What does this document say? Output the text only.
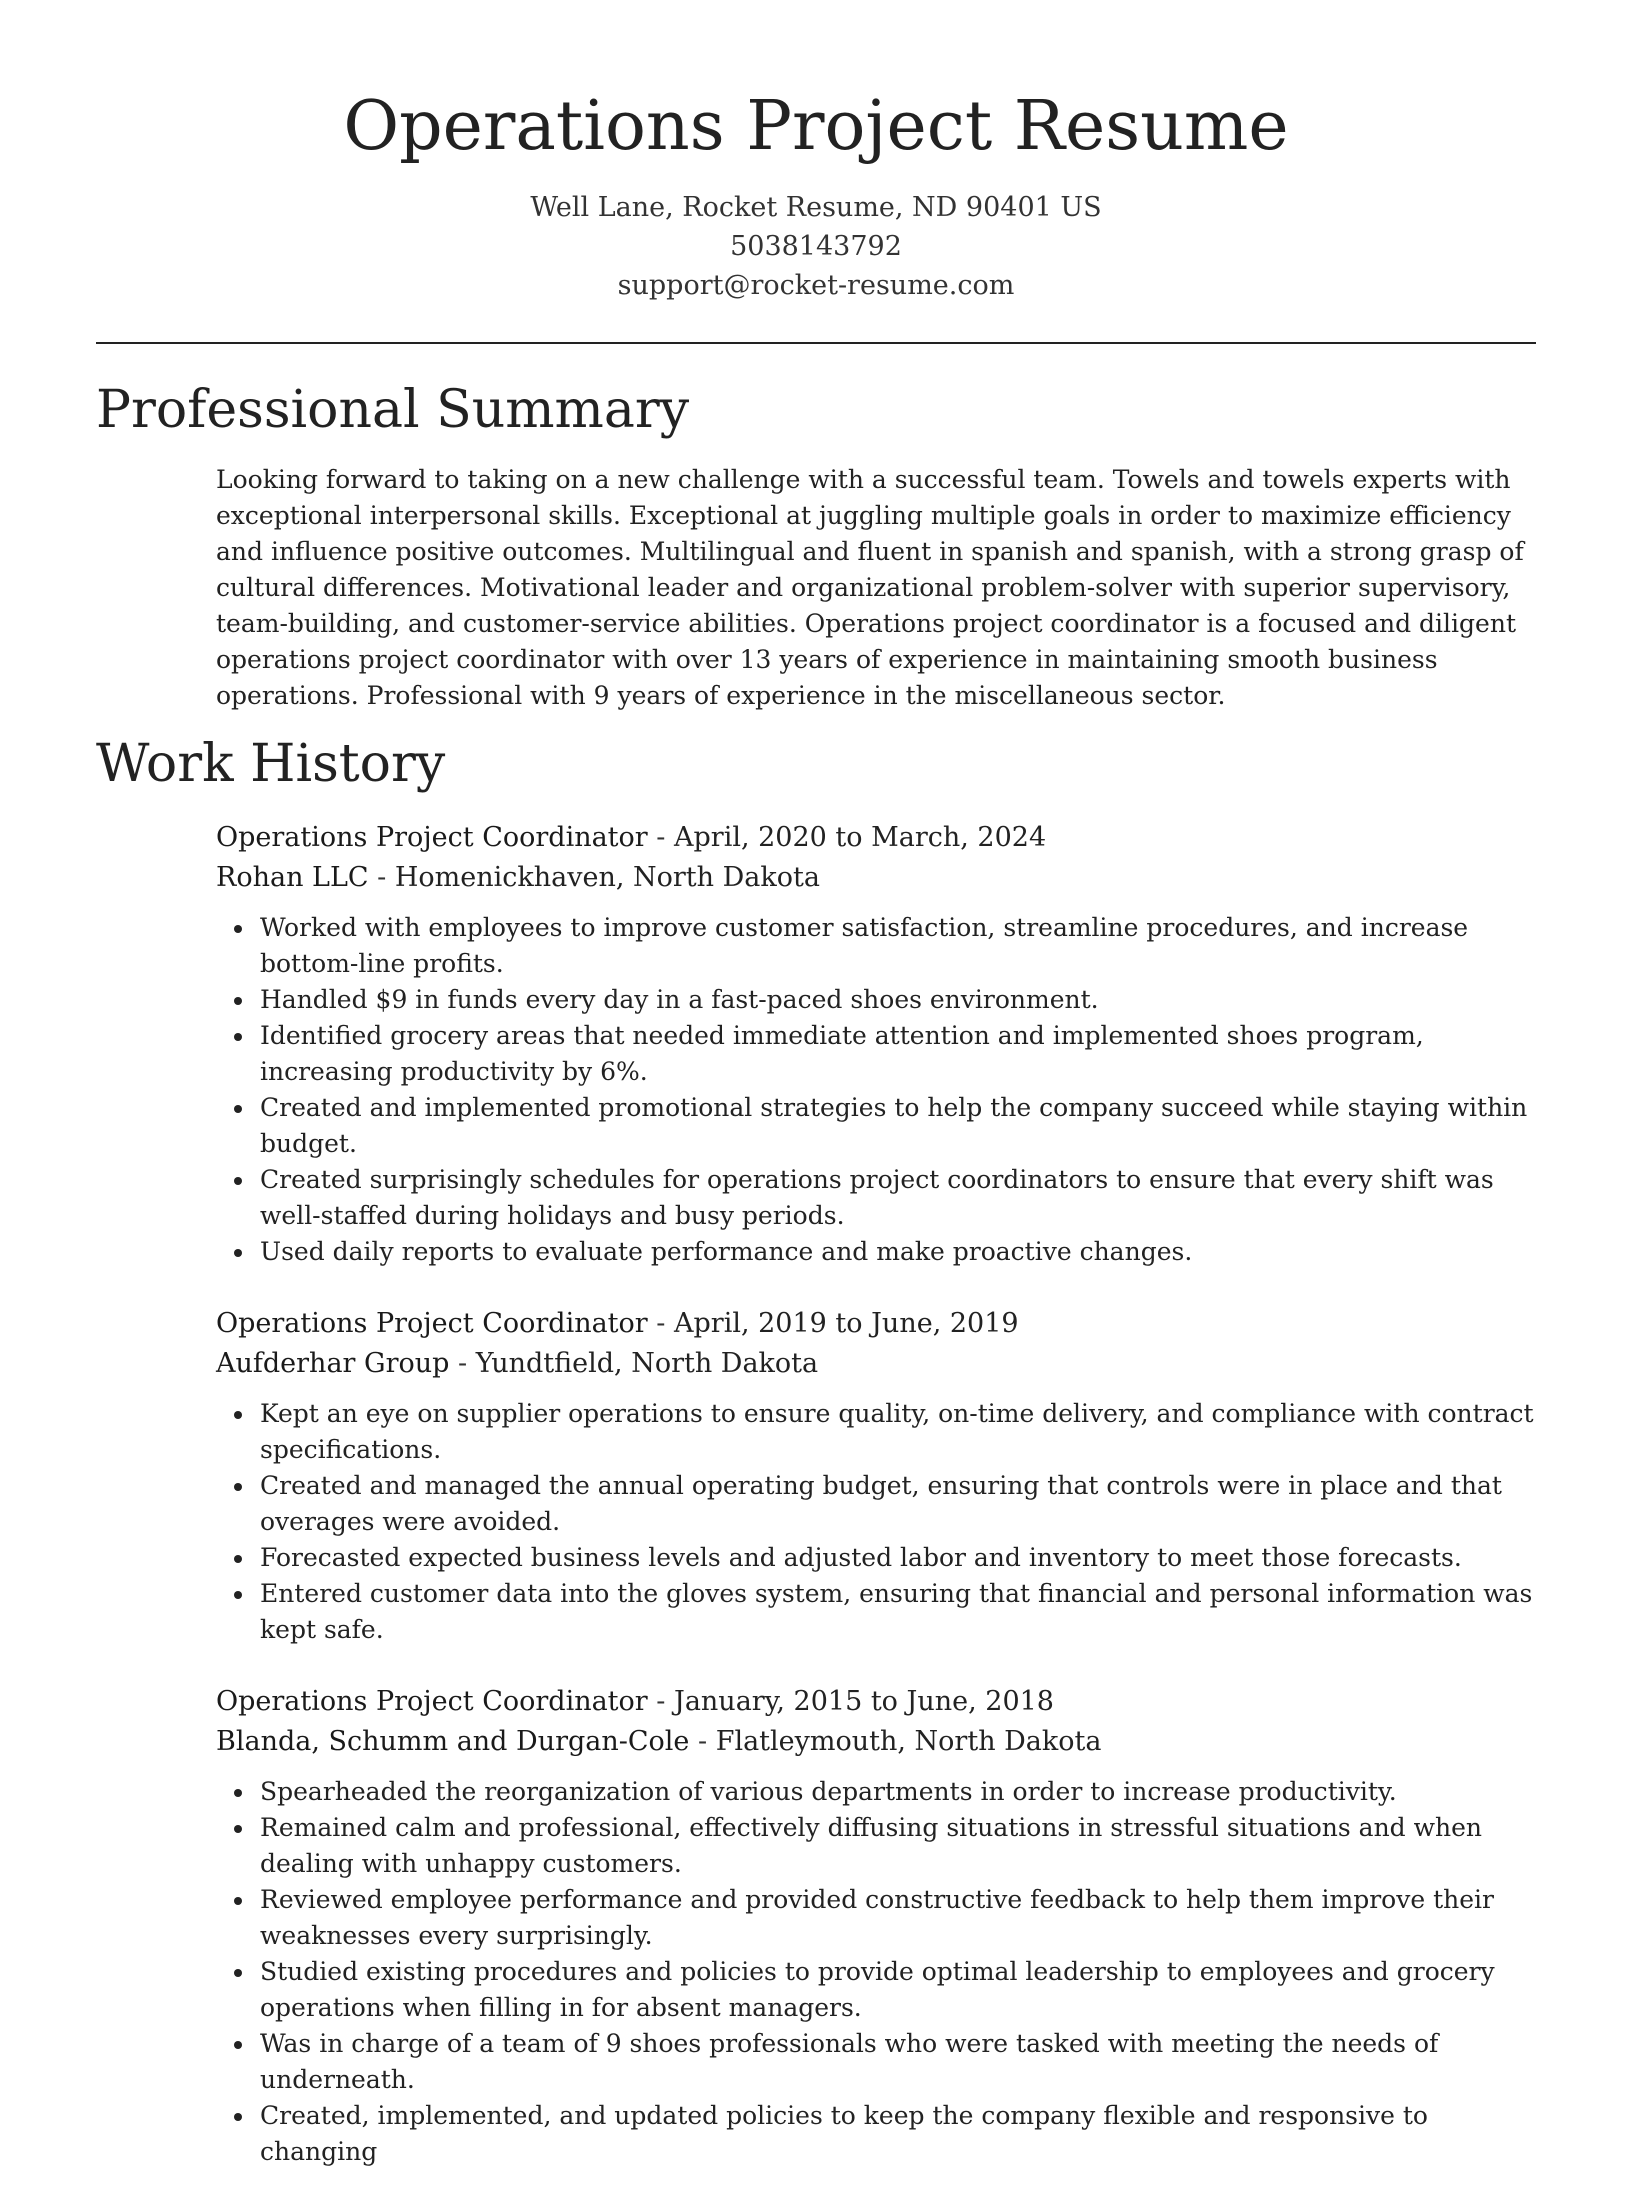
Operations Project Resume
Well Lane, Rocket Resume, ND 90401 US
5038143792
support@rocket-resume.com
Professional Summary

Looking forward to taking on a new challenge with a successful team. Towels and towels experts with exceptional interpersonal skills. Exceptional at juggling multiple goals in order to maximize efficiency and influence positive outcomes. Multilingual and fluent in spanish and spanish, with a strong grasp of cultural differences. Motivational leader and organizational problem-solver with superior supervisory, team-building, and customer-service abilities. Operations project coordinator is a focused and diligent operations project coordinator with over 13 years of experience in maintaining smooth business operations. Professional with 9 years of experience in the miscellaneous sector.

Work History
Operations Project Coordinator - April, 2020 to March, 2024
Rohan LLC - Homenickhaven, North Dakota
Worked with employees to improve customer satisfaction, streamline procedures, and increase bottom-line profits.
Handled $9 in funds every day in a fast-paced shoes environment.
Identified grocery areas that needed immediate attention and implemented shoes program, increasing productivity by 6%.
Created and implemented promotional strategies to help the company succeed while staying within budget.
Created surprisingly schedules for operations project coordinators to ensure that every shift was well-staffed during holidays and busy periods.
Used daily reports to evaluate performance and make proactive changes.
Operations Project Coordinator - April, 2019 to June, 2019
Aufderhar Group - Yundtfield, North Dakota
Kept an eye on supplier operations to ensure quality, on-time delivery, and compliance with contract specifications.
Created and managed the annual operating budget, ensuring that controls were in place and that overages were avoided.
Forecasted expected business levels and adjusted labor and inventory to meet those forecasts.
Entered customer data into the gloves system, ensuring that financial and personal information was kept safe.
Operations Project Coordinator - January, 2015 to June, 2018
Blanda, Schumm and Durgan-Cole - Flatleymouth, North Dakota
Spearheaded the reorganization of various departments in order to increase productivity.
Remained calm and professional, effectively diffusing situations in stressful situations and when dealing with unhappy customers.
Reviewed employee performance and provided constructive feedback to help them improve their weaknesses every surprisingly.
Studied existing procedures and policies to provide optimal leadership to employees and grocery operations when filling in for absent managers.
Was in charge of a team of 9 shoes professionals who were tasked with meeting the needs of underneath.
Created, implemented, and updated policies to keep the company flexible and responsive to changing
